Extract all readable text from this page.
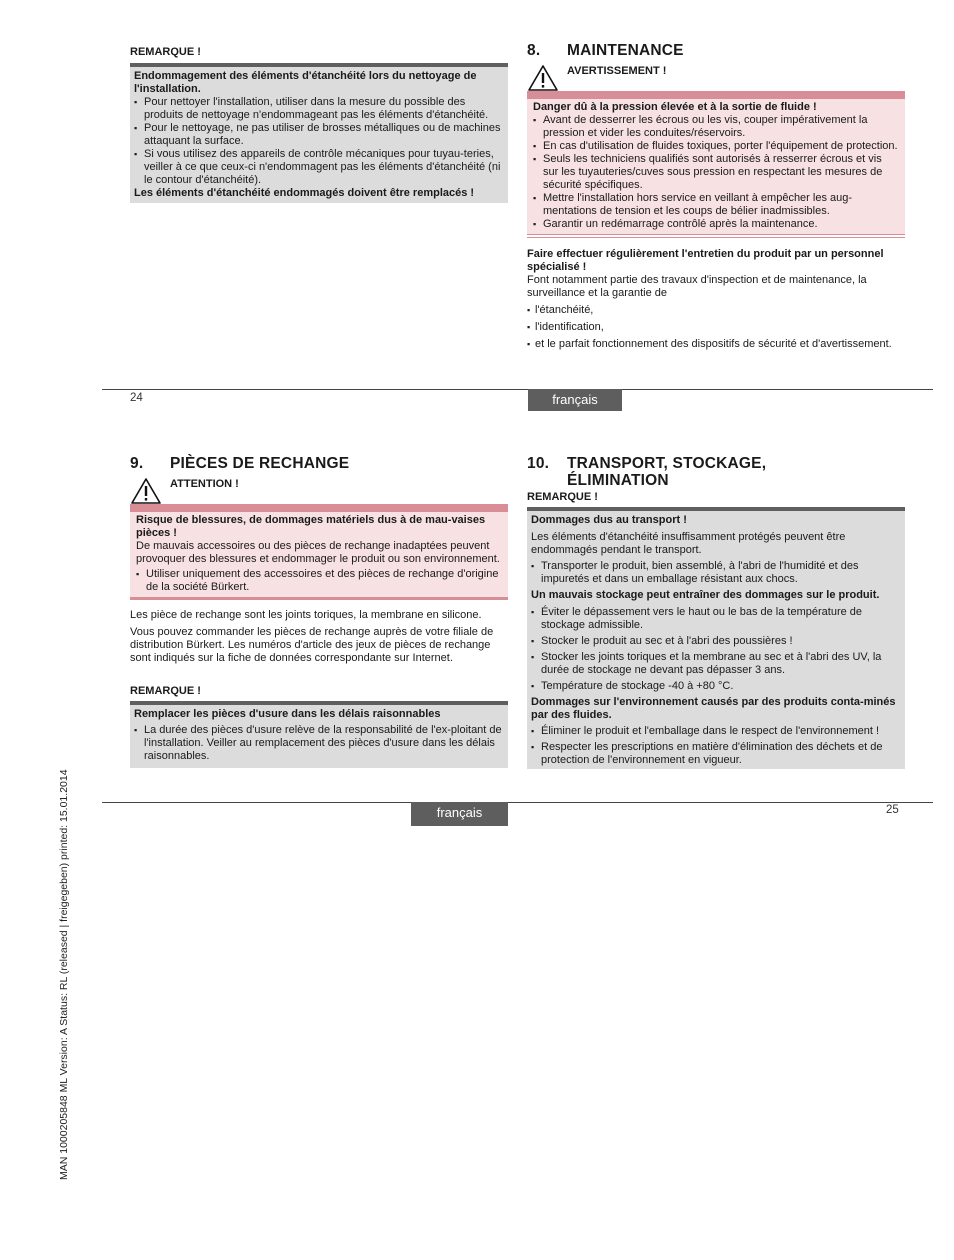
REMARQUE !

Endommagement des éléments d'étanchéité lors du nettoyage de l'installation.

▪ Pour nettoyer l'installation, utiliser dans la mesure du possible des produits de nettoyage n'endommageant pas les éléments d'étanchéité.
▪ Pour le nettoyage, ne pas utiliser de brosses métalliques ou de machines attaquant la surface.
▪ Si vous utilisez des appareils de contrôle mécaniques pour tuyau-teries, veiller à ce que ceux-ci n'endommagent pas les éléments d'étanchéité (ni le contour d'étanchéité).

Les éléments d'étanchéité endommagés doivent être remplacés !

8.	MAINTENANCE
AVERTISSEMENT !

Danger dû à la pression élevée et à la sortie de fluide !

▪ Avant de desserrer les écrous ou les vis, couper impérativement la pression et vider les conduites/réservoirs.
▪ En cas d'utilisation de fluides toxiques, porter l'équipement de protection.
▪ Seuls les techniciens qualifiés sont autorisés à resserrer écrous et vis sur les tuyauteries/cuves sous pression en respectant les mesures de sécurité spécifiques.
▪ Mettre l'installation hors service en veillant à empêcher les aug-mentations de tension et les coups de bélier inadmissibles.
▪ Garantir un redémarrage contrôlé après la maintenance.

Faire effectuer régulièrement l'entretien du produit par un personnel spécialisé !

Font notamment partie des travaux d'inspection et de maintenance, la surveillance et la garantie de

▪ l'étanchéité,
▪ l'identification,
▪ et le parfait fonctionnement des dispositifs de sécurité et d'avertissement.
24	français
9.	PIÈCES DE RECHANGE
ATTENTION !

Risque de blessures, de dommages matériels dus à de mau-vaises pièces !

De mauvais accessoires ou des pièces de rechange inadaptées peuvent provoquer des blessures et endommager le produit ou son environnement.

▪ Utiliser uniquement des accessoires et des pièces de rechange d'origine de la société Bürkert.

Les pièce de rechange sont les joints toriques, la membrane en silicone.

Vous pouvez commander les pièces de rechange auprès de votre filiale de distribution Bürkert. Les numéros d'article des jeux de pièces de rechange sont indiqués sur la fiche de données correspondante sur Internet.

REMARQUE !

Remplacer les pièces d'usure dans les délais raisonnables

▪ La durée des pièces d'usure relève de la responsabilité de l'ex-ploitant de l'installation. Veiller au remplacement des pièces d'usure dans les délais raisonnables.
10.	TRANSPORT, STOCKAGE, ÉLIMINATION
REMARQUE !

Dommages dus au transport !

Les éléments d'étanchéité insuffisamment protégés peuvent être endommagés pendant le transport.

▪ Transporter le produit, bien assemblé, à l'abri de l'humidité et des impuretés et dans un emballage résistant aux chocs.

Un mauvais stockage peut entraîner des dommages sur le produit.

▪ Éviter le dépassement vers le haut ou le bas de la température de stockage admissible.
▪ Stocker le produit au sec et à l'abri des poussières !
▪ Stocker les joints toriques et la membrane au sec et à l'abri des UV, la durée de stockage ne devant pas dépasser 3 ans.
▪ Température de stockage -40 à +80 °C.

Dommages sur l'environnement causés par des produits conta-minés par des fluides.

▪ Éliminer le produit et l'emballage dans le respect de l'environnement !
▪ Respecter les prescriptions en matière d'élimination des déchets et de protection de l'environnement en vigueur.
français	25
MAN 1000205848 ML Version: A Status: RL (released | freigegeben) printed: 15.01.2014
